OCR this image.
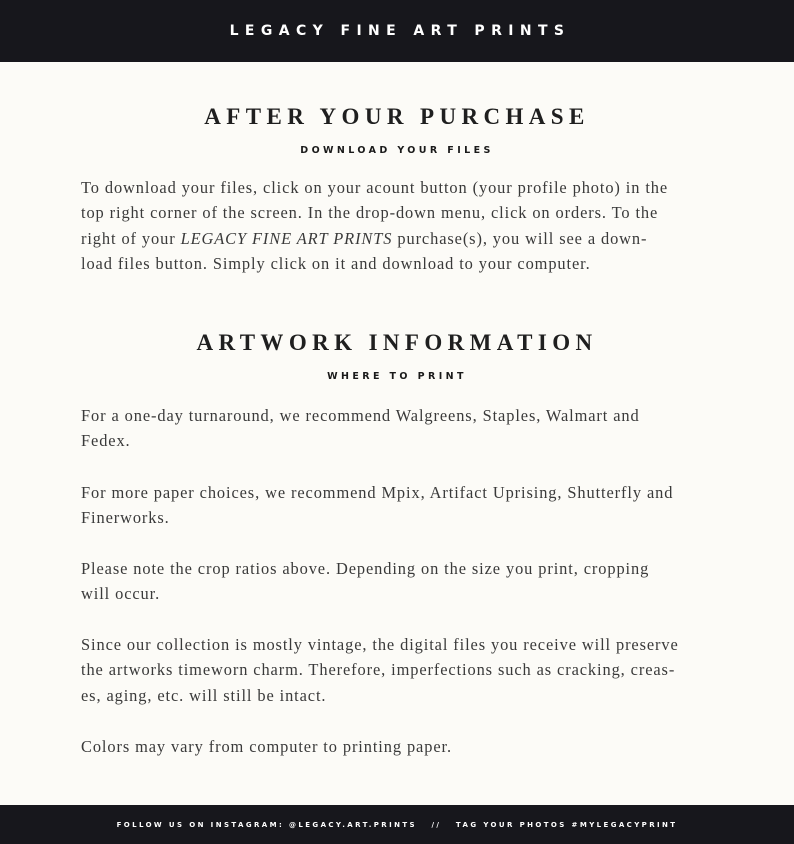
LEGACY FINE ART PRINTS
AFTER YOUR PURCHASE
DOWNLOAD YOUR FILES
To download your files, click on your acount button (your profile photo) in the
top right corner of the screen. In the drop-down menu, click on orders. To the
right of your LEGACY FINE ART PRINTS purchase(s), you will see a down-
load files button. Simply click on it and download to your computer.
ARTWORK INFORMATION
WHERE TO PRINT
For a one-day turnaround, we recommend Walgreens, Staples, Walmart and
Fedex.
For more paper choices, we recommend Mpix, Artifact Uprising, Shutterfly and
Finerworks.
Please note the crop ratios above. Depending on the size you print, cropping
will occur.
Since our collection is mostly vintage, the digital files you receive will preserve
the artworks timeworn charm. Therefore, imperfections such as cracking, creas-
es, aging, etc. will still be intact.
Colors may vary from computer to printing paper.
FOLLOW US ON INSTAGRAM: @LEGACY.ART.PRINTS   //   TAG YOUR PHOTOS #MYLEGACYPRINT
